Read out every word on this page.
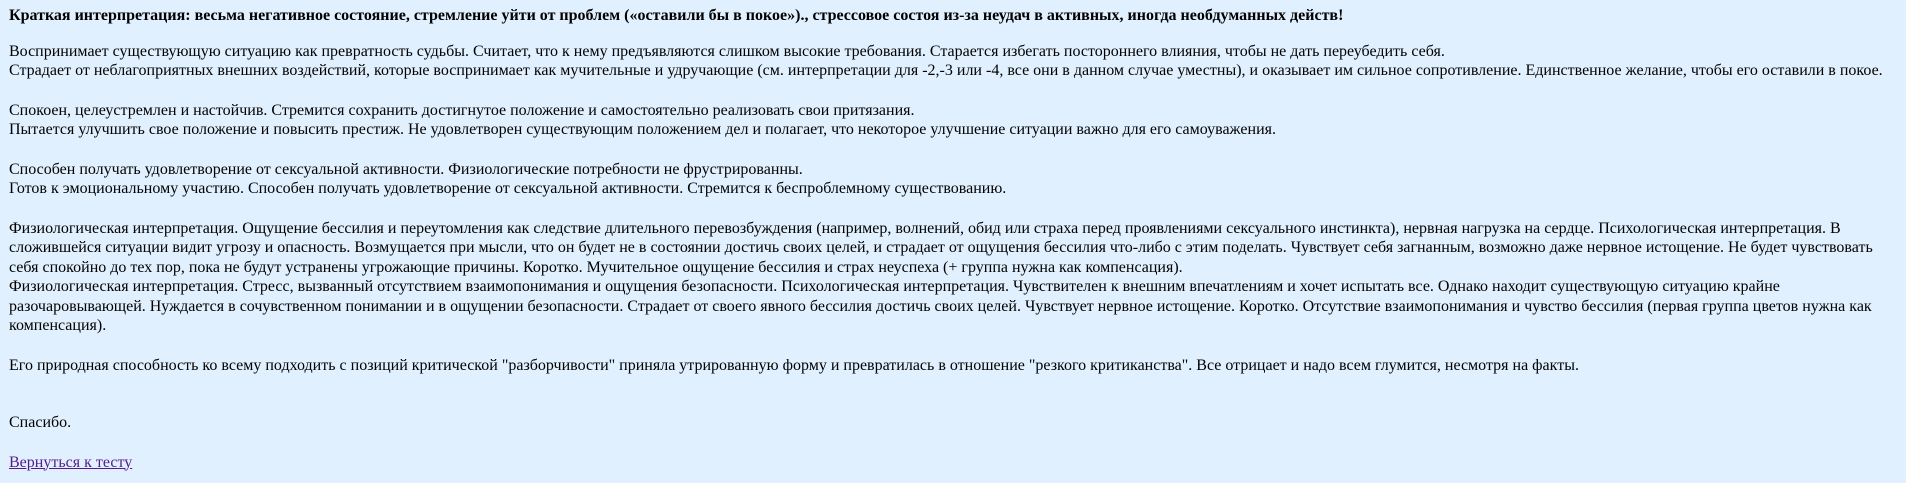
Краткая интерпретация: весьма негативное состояние, стремление уйти от проблем («оставили бы в покое»)., стрессовое состоя из-за неудач в активных, иногда необдуманных действ!
Воспринимает существующую ситуацию как превратность судьбы. Считает, что к нему предъявляются слишком высокие требования. Старается избегать постороннего влияния, чтобы не дать переубедить себя.
Страдает от неблагоприятных внешних воздействий, которые воспринимает как мучительные и удручающие (см. интерпретации для -2,-3 или -4, все они в данном случае уместны), и оказывает им сильное сопротивление. Единственное желание, чтобы его оставили в покое.
Спокоен, целеустремлен и настойчив. Стремится сохранить достигнутое положение и самостоятельно реализовать свои притязания.
Пытается улучшить свое положение и повысить престиж. Не удовлетворен существующим положением дел и полагает, что некоторое улучшение ситуации важно для его самоуважения.
Способен получать удовлетворение от сексуальной активности. Физиологические потребности не фрустрированны.
Готов к эмоциональному участию. Способен получать удовлетворение от сексуальной активности. Стремится к беспроблемному существованию.
Физиологическая интерпретация. Ощущение бессилия и переутомления как следствие длительного перевозбуждения (например, волнений, обид или страха перед проявлениями сексуального инстинкта), нервная нагрузка на сердце. Психологическая интерпретация. В
сложившейся ситуации видит угрозу и опасность. Возмущается при мысли, что он будет не в состоянии достичь своих целей, и страдает от ощущения бессилия что-либо с этим поделать. Чувствует себя загнанным, возможно даже нервное истощение. Не будет чувствовать
себя спокойно до тех пор, пока не будут устранены угрожающие причины. Коротко. Мучительное ощущение бессилия и страх неуспеха (+ группа нужна как компенсация).
Физиологическая интерпретация. Стресс, вызванный отсутствием взаимопонимания и ощущения безопасности. Психологическая интерпретация. Чувствителен к внешним впечатлениям и хочет испытать все. Однако находит существующую ситуацию крайне
разочаровывающей. Нуждается в сочувственном понимании и в ощущении безопасности. Страдает от своего явного бессилия достичь своих целей. Чувствует нервное истощение. Коротко. Отсутствие взаимопонимания и чувство бессилия (первая группа цветов нужна как
компенсация).
Его природная способность ко всему подходить с позиций критической "разборчивости" приняла утрированную форму и превратилась в отношение "резкого критиканства". Все отрицает и надо всем глумится, несмотря на факты.
Спасибо.
Вернуться к тесту
